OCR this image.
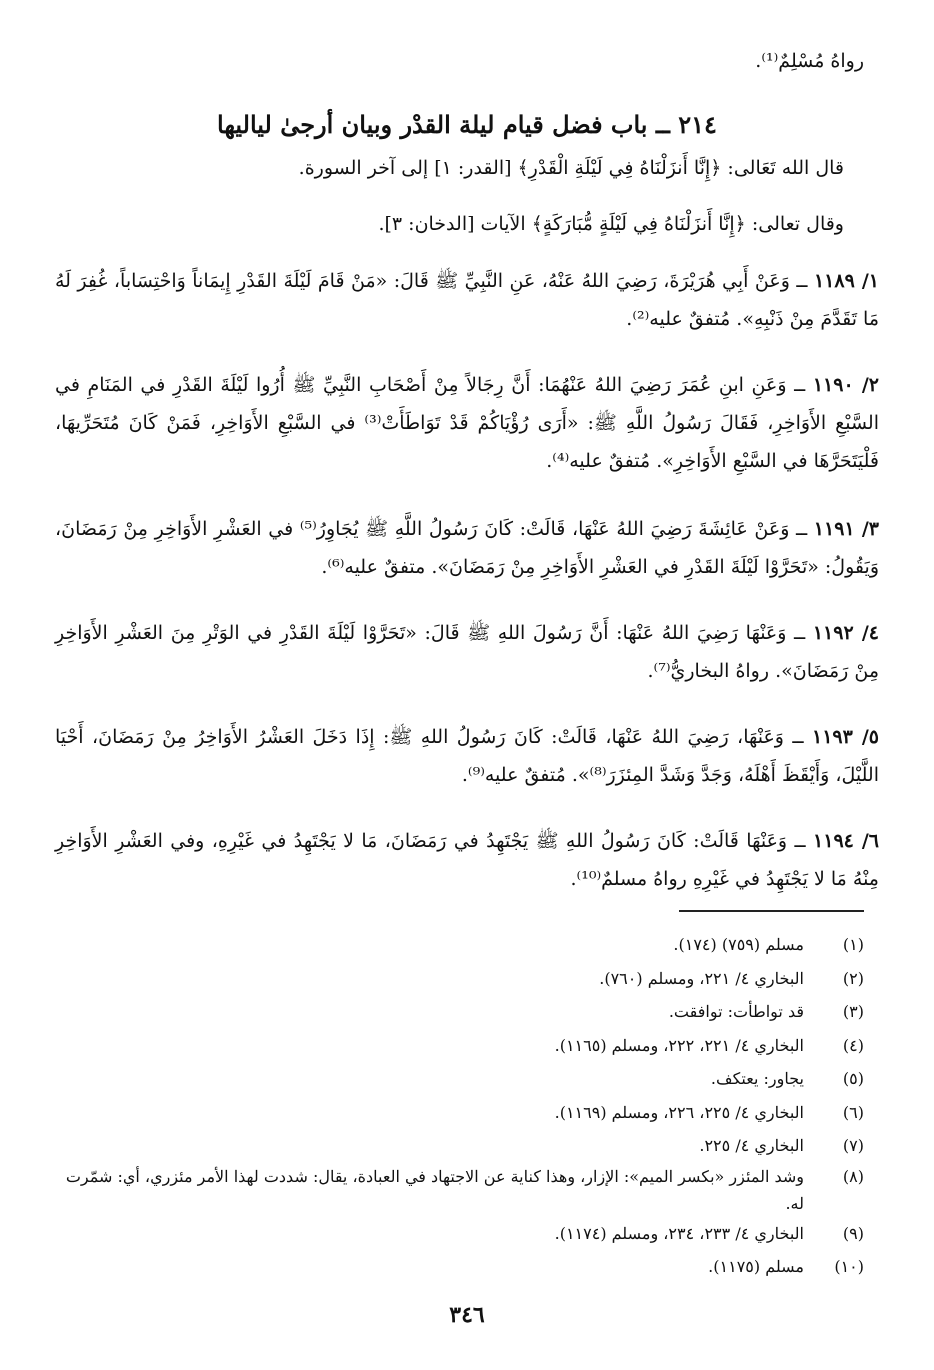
رواهُ مُسْلِمٌ⁽¹⁾.
٢١٤ ــ باب فضل قيام ليلة القدْر وبيان أرجىٰ لياليها
قال الله تَعَالى: ﴿إِنَّا أَنزَلْنَاهُ فِي لَيْلَةِ الْقَدْرِ﴾ [القدر: ١] إلى آخر السورة.
وقال تعالى: ﴿إِنَّا أَنزَلْنَاهُ فِي لَيْلَةٍ مُّبَارَكَةٍ﴾ الآيات [الدخان: ٣].
١/ ١١٨٩ ــ وَعَنْ أَبِي هُرَيْرَةَ، رَضِيَ اللهُ عَنْهُ، عَنِ النَّبِيِّ ﷺ قَالَ: «مَنْ قَامَ لَيْلَةَ القَدْرِ إِيمَاناً وَاحْتِسَاباً، غُفِرَ لَهُ مَا تَقَدَّمَ مِنْ ذَنْبِهِ». مُتفقٌ عليه⁽²⁾.
٢/ ١١٩٠ ــ وَعَنِ ابنِ عُمَرَ رَضِيَ اللهُ عَنْهُمَا: أَنَّ رِجَالاً مِنْ أَصْحَابِ النَّبِيِّ ﷺ أُرُوا لَيْلَةَ القَدْرِ في المَنَامِ في السَّبْعِ الأَوَاخِرِ، فَقَالَ رَسُولُ اللَّهِ ﷺ: «أَرَى رُؤْيَاكُمْ قَدْ تَوَاطَأَتْ⁽³⁾ في السَّبْعِ الأَوَاخِرِ، فَمَنْ كَانَ مُتَحَرِّيهَا، فَلْيَتَحَرَّهَا في السَّبْعِ الأَوَاخِرِ». مُتفقٌ عليه⁽⁴⁾.
٣/ ١١٩١ ــ وَعَنْ عَائِشَةَ رَضِيَ اللهُ عَنْهَا، قَالَتْ: كَانَ رَسُولُ اللَّهِ ﷺ يُجَاوِرُ⁽⁵⁾ في العَشْرِ الأَوَاخِرِ مِنْ رَمَضَانَ، وَيَقُولُ: «تَحَرَّوْا لَيْلَةَ القَدْرِ في العَشْرِ الأَوَاخِرِ مِنْ رَمَضَانَ». متفقٌ عليه⁽⁶⁾.
٤/ ١١٩٢ ــ وَعَنْهَا رَضِيَ اللهُ عَنْهَا: أَنَّ رَسُولَ اللهِ ﷺ قَالَ: «تَحَرَّوْا لَيْلَةَ القَدْرِ في الوَتْرِ مِنَ العَشْرِ الأَوَاخِرِ مِنْ رَمَضَانَ». رواهُ البخاريُّ⁽⁷⁾.
٥/ ١١٩٣ ــ وَعَنْهَا، رَضِيَ اللهُ عَنْهَا، قَالَتْ: كَانَ رَسُولُ اللهِ ﷺ: إِذَا دَخَلَ العَشْرُ الأَوَاخِرُ مِنْ رَمَضَانَ، أَحْيَا اللَّيْلَ، وَأَيْقَظَ أَهْلَهُ، وَجَدَّ وَشَدَّ المِئزَرَ⁽⁸⁾». مُتفقٌ عليه⁽⁹⁾.
٦/ ١١٩٤ ــ وَعَنْهَا قَالَتْ: كَانَ رَسُولُ اللهِ ﷺ يَجْتَهِدُ في رَمَضَانَ، مَا لا يَجْتَهِدُ في غَيْرِهِ، وفي العَشْرِ الأَوَاخِرِ مِنْهُ مَا لا يَجْتَهِدُ في غَيْرِهِ رواهُ مسلمٌ⁽¹⁰⁾.
(١)
مسلم (٧٥٩) (١٧٤).
(٢)
البخاري ٤/ ٢٢١، ومسلم (٧٦٠).
(٣)
قد تواطأت: توافقت.
(٤)
البخاري ٤/ ٢٢١، ٢٢٢، ومسلم (١١٦٥).
(٥)
يجاور: يعتكف.
(٦)
البخاري ٤/ ٢٢٥، ٢٢٦، ومسلم (١١٦٩).
(٧)
البخاري ٤/ ٢٢٥.
(٨)
وشد المئزر «بكسر الميم»: الإزار، وهذا كناية عن الاجتهاد في العبادة، يقال: شددت لهذا الأمر مئزري، أي: شمّرت له.
(٩)
البخاري ٤/ ٢٣٣، ٢٣٤، ومسلم (١١٧٤).
(١٠)
مسلم (١١٧٥).
٣٤٦
